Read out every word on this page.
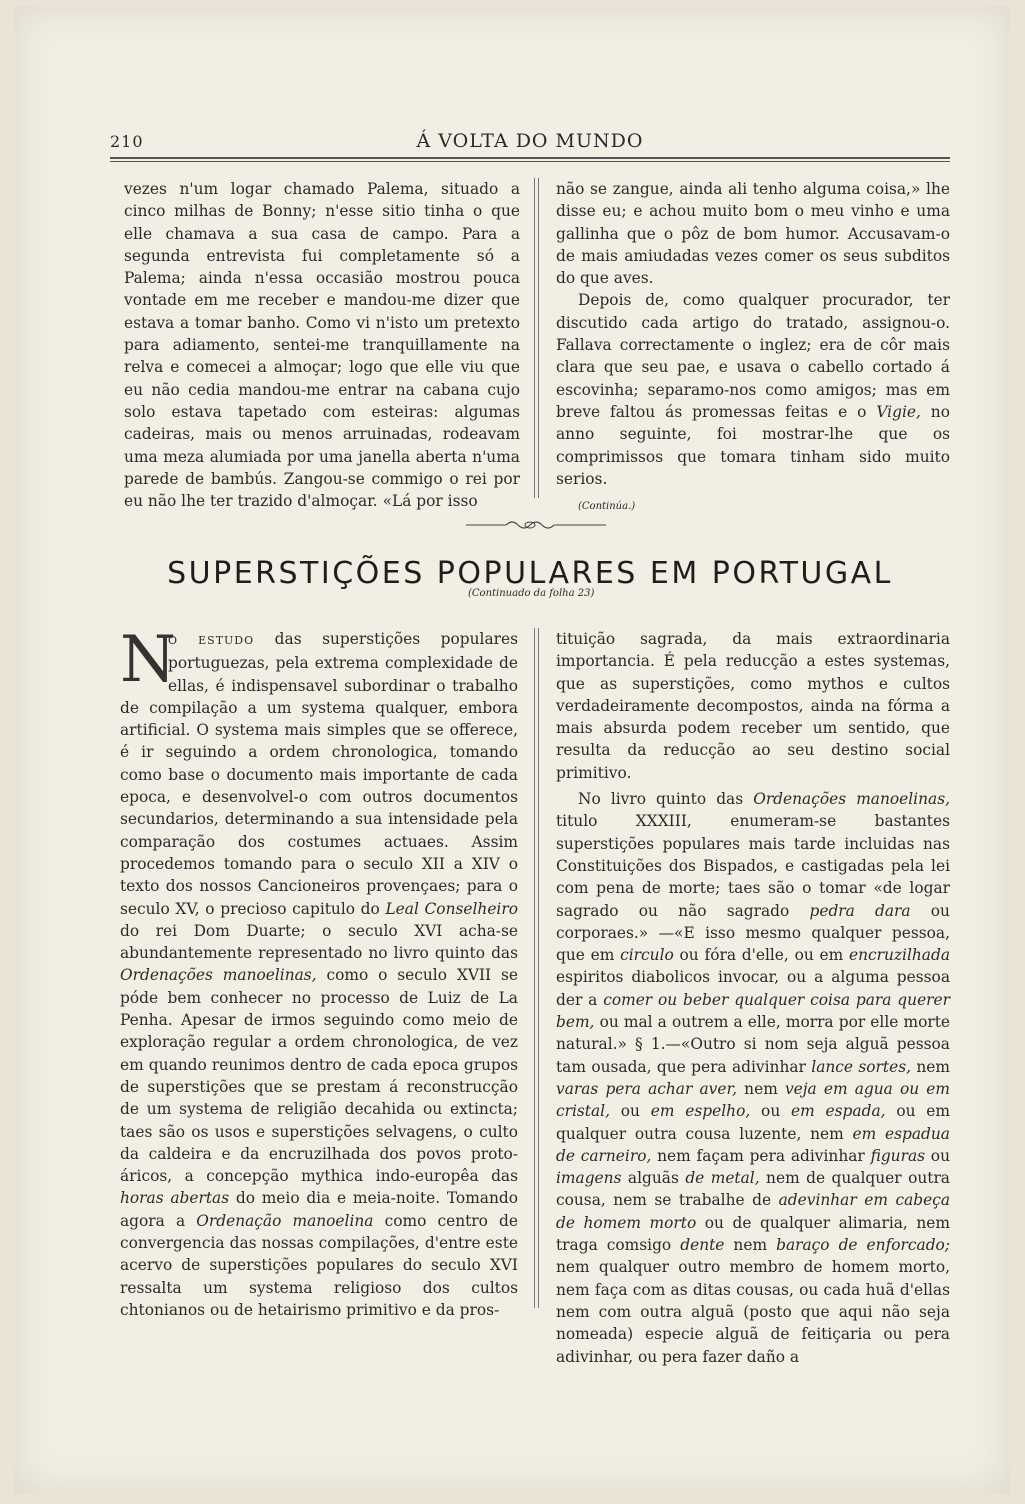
210	Á VOLTA DO MUNDO

vezes n'um logar chamado Palema, situado a cinco milhas de Bonny; n'esse sitio tinha o que elle chamava a sua casa de campo. Para a segunda entrevista fui completamente só a Palema; ainda n'essa occasião mostrou pouca vontade em me receber e mandou-me dizer que estava a tomar banho. Como vi n'isto um pretexto para adiamento, sentei-me tranquillamente na relva e comecei a almoçar; logo que elle viu que eu não cedia mandou-me entrar na cabana cujo solo estava tapetado com esteiras: algumas cadeiras, mais ou menos arruinadas, rodeavam uma meza alumiada por uma janella aberta n'uma parede de bambús. Zangou-se commigo o rei por eu não lhe ter trazido d'almoçar. «Lá por isso

não se zangue, ainda ali tenho alguma coisa,» lhe disse eu; e achou muito bom o meu vinho e uma gallinha que o pôz de bom humor. Accusavam-o de mais amiudadas vezes comer os seus subditos do que aves.

Depois de, como qualquer procurador, ter discutido cada artigo do tratado, assignou-o. Fallava correctamente o inglez; era de côr mais clara que seu pae, e usava o cabello cortado á escovinha; separamo-nos como amigos; mas em breve faltou ás promessas feitas e o Vigie, no anno seguinte, foi mostrar-lhe que os comprimissos que tomara tinham sido muito serios.

(Continúa.)
SUPERSTIÇÕES POPULARES EM PORTUGAL
(Continuado da folha 23)

N
O ESTUDO das superstições populares portuguezas, pela extrema complexidade de ellas, é indispensavel subordinar o trabalho de compilação a um systema qualquer, embora artificial. O systema mais simples que se offerece, é ir seguindo a ordem chronologica, tomando como base o documento mais importante de cada epoca, e desenvolvel-o com outros documentos secundarios, determinando a sua intensidade pela comparação dos costumes actuaes. Assim procedemos tomando para o seculo XII a XIV o texto dos nossos Cancioneiros provençaes; para o seculo XV, o precioso capitulo do Leal Conselheiro do rei Dom Duarte; o seculo XVI acha-se abundantemente representado no livro quinto das Ordenações manoelinas, como o seculo XVII se póde bem conhecer no processo de Luiz de La Penha. Apesar de irmos seguindo como meio de exploração regular a ordem chronologica, de vez em quando reunimos dentro de cada epoca grupos de superstições que se prestam á reconstrucção de um systema de religião decahida ou extincta; taes são os usos e superstições selvagens, o culto da caldeira e da encruzilhada dos povos proto-áricos, a concepção mythica indo-europêa das horas abertas do meio dia e meia-noite. Tomando agora a Ordenação manoelina como centro de convergencia das nossas compilações, d'entre este acervo de superstições populares do seculo XVI ressalta um systema religioso dos cultos chtonianos ou de hetairismo primitivo e da pros-

tituição sagrada, da mais extraordinaria importancia. É pela reducção a estes systemas, que as superstições, como mythos e cultos verdadeiramente decompostos, ainda na fórma a mais absurda podem receber um sentido, que resulta da reducção ao seu destino social primitivo.

No livro quinto das Ordenações manoelinas, titulo XXXIII, enumeram-se bastantes superstições populares mais tarde incluidas nas Constituições dos Bispados, e castigadas pela lei com pena de morte; taes são o tomar «de logar sagrado ou não sagrado pedra dara ou corporaes.» —«E isso mesmo qualquer pessoa, que em circulo ou fóra d'elle, ou em encruzilhada espiritos diabolicos invocar, ou a alguma pessoa der a comer ou beber qualquer coisa para querer bem, ou mal a outrem a elle, morra por elle morte natural.» § 1.—«Outro si nom seja alguã pessoa tam ousada, que pera adivinhar lance sortes, nem varas pera achar aver, nem veja em agua ou em cristal, ou em espelho, ou em espada, ou em qualquer outra cousa luzente, nem em espadua de carneiro, nem façam pera adivinhar figuras ou imagens alguãs de metal, nem de qualquer outra cousa, nem se trabalhe de adevinhar em cabeça de homem morto ou de qualquer alimaria, nem traga comsigo dente nem baraço de enforcado; nem qualquer outro membro de homem morto, nem faça com as ditas cousas, ou cada huã d'ellas nem com outra alguã (posto que aqui não seja nomeada) especie alguã de feitiçaria ou pera adivinhar, ou pera fazer daño a
